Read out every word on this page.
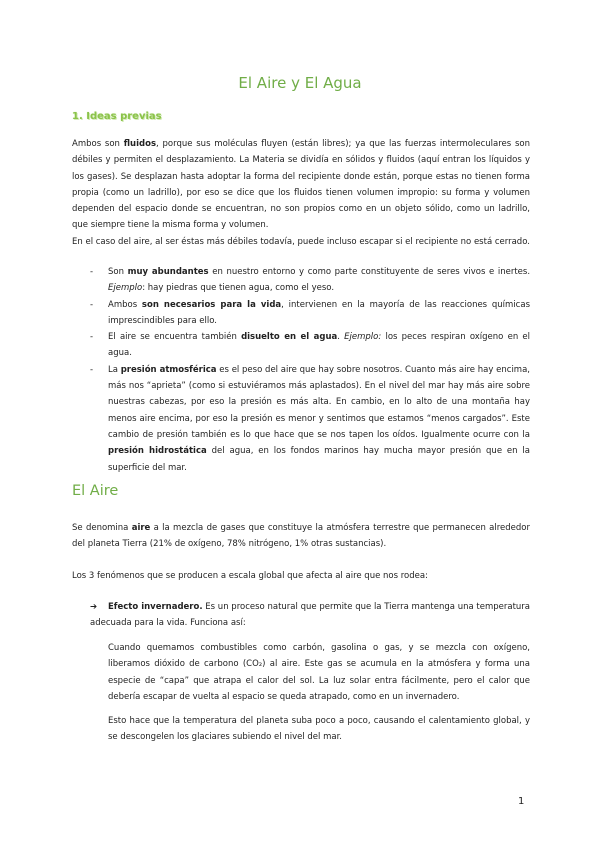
El Aire y El Agua
1. Ideas previas

Ambos son fluidos, porque sus moléculas fluyen (están libres); ya que las fuerzas intermoleculares son débiles y permiten el desplazamiento. La Materia se dividía en sólidos y fluidos (aquí entran los líquidos y los gases). Se desplazan hasta adoptar la forma del recipiente donde están, porque estas no tienen forma propia (como un ladrillo), por eso se dice que los fluidos tienen volumen impropio: su forma y volumen dependen del espacio donde se encuentran, no son propios como en un objeto sólido, como un ladrillo, que siempre tiene la misma forma y volumen.
En el caso del aire, al ser éstas más débiles todavía, puede incluso escapar si el recipiente no está cerrado.

- Son muy abundantes en nuestro entorno y como parte constituyente de seres vivos e inertes. Ejemplo: hay piedras que tienen agua, como el yeso.
- Ambos son necesarios para la vida, intervienen en la mayoría de las reacciones químicas imprescindibles para ello.
- El aire se encuentra también disuelto en el agua. Ejemplo: los peces respiran oxígeno en el agua.
- La presión atmosférica es el peso del aire que hay sobre nosotros. Cuanto más aire hay encima, más nos “aprieta” (como si estuviéramos más aplastados). En el nivel del mar hay más aire sobre nuestras cabezas, por eso la presión es más alta. En cambio, en lo alto de una montaña hay menos aire encima, por eso la presión es menor y sentimos que estamos “menos cargados”. Este cambio de presión también es lo que hace que se nos tapen los oídos. Igualmente ocurre con la presión hidrostática del agua, en los fondos marinos hay mucha mayor presión que en la superficie del mar.
El Aire

Se denomina aire a la mezcla de gases que constituye la atmósfera terrestre que permanecen alrededor del planeta Tierra (21% de oxígeno, 78% nitrógeno, 1% otras sustancias).

Los 3 fenómenos que se producen a escala global que afecta al aire que nos rodea:

➔ Efecto invernadero. Es un proceso natural que permite que la Tierra mantenga una temperatura adecuada para la vida. Funciona así:

Cuando quemamos combustibles como carbón, gasolina o gas, y se mezcla con oxígeno, liberamos dióxido de carbono (CO₂) al aire. Este gas se acumula en la atmósfera y forma una especie de “capa” que atrapa el calor del sol. La luz solar entra fácilmente, pero el calor que debería escapar de vuelta al espacio se queda atrapado, como en un invernadero.

Esto hace que la temperatura del planeta suba poco a poco, causando el calentamiento global, y se descongelen los glaciares subiendo el nivel del mar.

1
